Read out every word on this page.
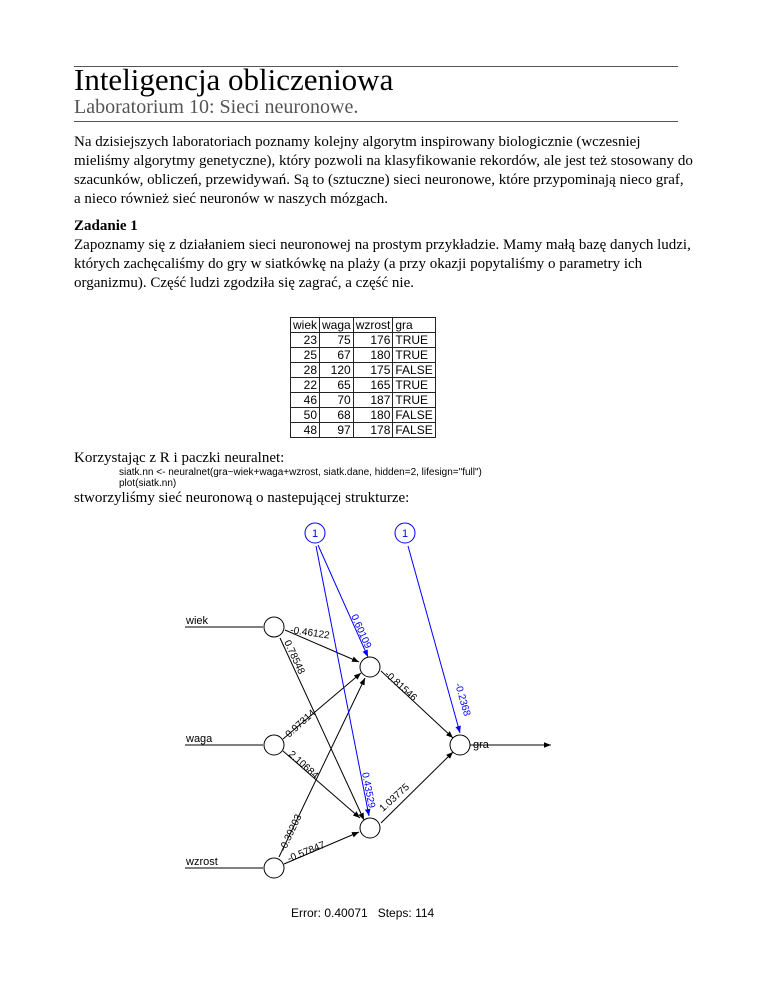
Inteligencja obliczeniowa
Laboratorium 10: Sieci neuronowe.

Na dzisiejszych laboratoriach poznamy kolejny algorytm inspirowany biologicznie (wczesniej mieliśmy algorytmy genetyczne), który pozwoli na klasyfikowanie rekordów, ale jest też stosowany do szacunków, obliczeń, przewidywań. Są to (sztuczne) sieci neuronowe, które przypominają nieco graf, a nieco również sieć neuronów w naszych mózgach.

Zadanie 1

Zapoznamy się z działaniem sieci neuronowej na prostym przykładzie. Mamy małą bazę danych ludzi, których zachęcaliśmy do gry w siatkówkę na plaży (a przy okazji popytaliśmy o parametry ich organizmu). Część ludzi zgodziła się zagrać, a część nie.

wiek	waga	wzrost	gra
23	75	176	TRUE
25	67	180	TRUE
28	120	175	FALSE
22	65	165	TRUE
46	70	187	TRUE
50	68	180	FALSE
48	97	178	FALSE
Korzystając z R i paczki neuralnet:
siatk.nn <- neuralnet(gra~wiek+waga+wzrost, siatk.dane, hidden=2, lifesign="full")
plot(siatk.nn)
stworzyliśmy sieć neuronową o nastepującej strukturze:
1	1
wiek
waga
wzrost
gra
-0.46122
0.78548
0.97314
2.10684
-0.39203
-0.57847
-0.81546
1.03775
0.60109
0.43529
-0.2368
Error: 0.40071   Steps: 114
